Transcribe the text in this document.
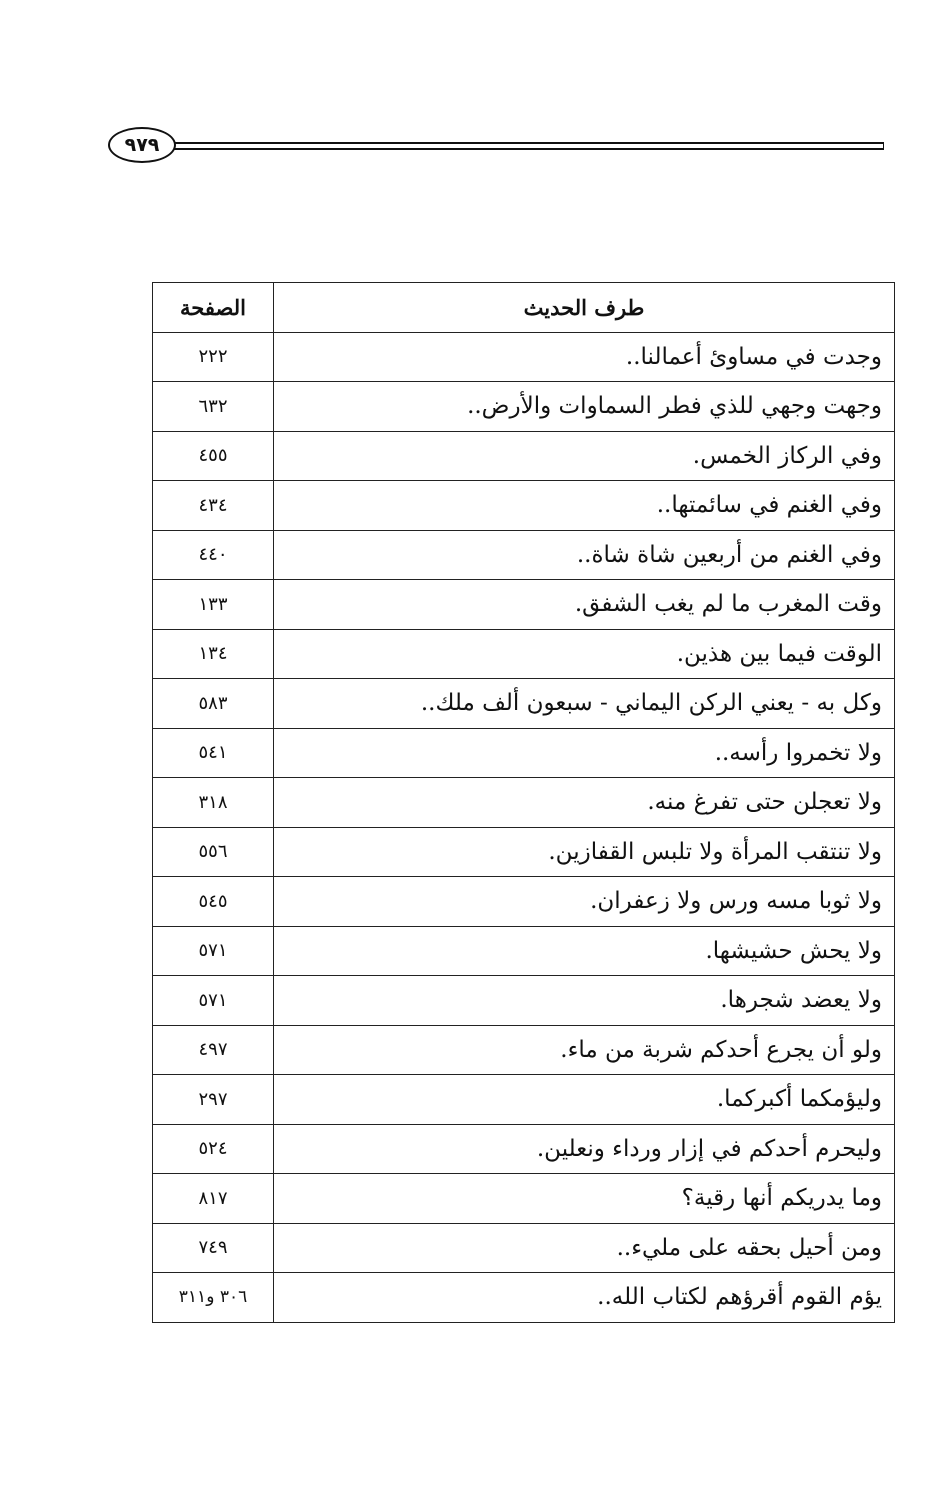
٩٧٩
طرف الحديث	الصفحة
وجدت في مساوئ أعمالنا..	٢٢٢
وجهت وجهي للذي فطر السماوات والأرض..	٦٣٢
وفي الركاز الخمس.	٤٥٥
وفي الغنم في سائمتها..	٤٣٤
وفي الغنم من أربعين شاة شاة..	٤٤٠
وقت المغرب ما لم يغب الشفق.	١٣٣
الوقت فيما بين هذين.	١٣٤
وكل به - يعني الركن اليماني - سبعون ألف ملك..	٥٨٣
ولا تخمروا رأسه..	٥٤١
ولا تعجلن حتى تفرغ منه.	٣١٨
ولا تنتقب المرأة ولا تلبس القفازين.	٥٥٦
ولا ثوبا مسه ورس ولا زعفران.	٥٤٥
ولا يحش حشيشها.	٥٧١
ولا يعضد شجرها.	٥٧١
ولو أن يجرع أحدكم شربة من ماء.	٤٩٧
وليؤمكما أكبركما.	٢٩٧
وليحرم أحدكم في إزار ورداء ونعلين.	٥٢٤
وما يدريكم أنها رقية؟	٨١٧
ومن أحيل بحقه على مليء..	٧٤٩
يؤم القوم أقرؤهم لكتاب الله..	٣٠٦ و٣١١
